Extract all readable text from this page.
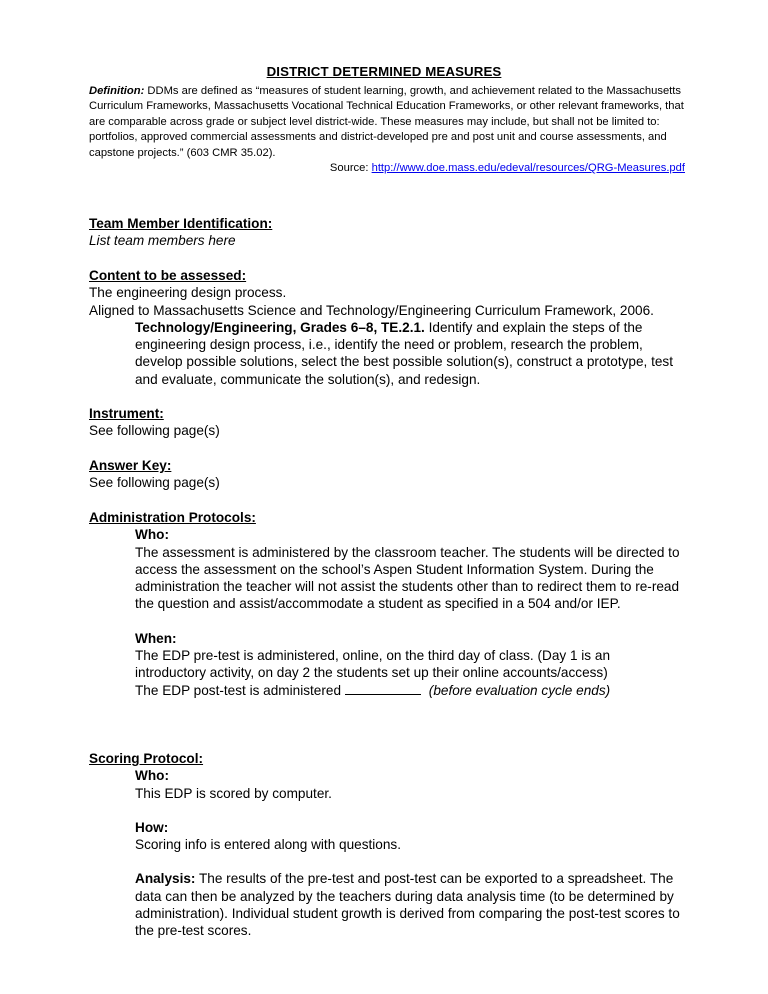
DISTRICT DETERMINED MEASURES
Definition: DDMs are defined as “measures of student learning, growth, and achievement related to the Massachusetts Curriculum Frameworks, Massachusetts Vocational Technical Education Frameworks, or other relevant frameworks, that are comparable across grade or subject level district-wide. These measures may include, but shall not be limited to: portfolios, approved commercial assessments and district-developed pre and post unit and course assessments, and capstone projects.” (603 CMR 35.02).
Source: http://www.doe.mass.edu/edeval/resources/QRG-Measures.pdf

Team Member Identification:

List team members here

Content to be assessed:

The engineering design process.

Aligned to Massachusetts Science and Technology/Engineering Curriculum Framework, 2006.

Technology/Engineering, Grades 6–8, TE.2.1. Identify and explain the steps of the engineering design process, i.e., identify the need or problem, research the problem, develop possible solutions, select the best possible solution(s), construct a prototype, test and evaluate, communicate the solution(s), and redesign.

Instrument:

See following page(s)

Answer Key:

See following page(s)

Administration Protocols:

Who:

The assessment is administered by the classroom teacher. The students will be directed to access the assessment on the school’s Aspen Student Information System. During the administration the teacher will not assist the students other than to redirect them to re-read the question and assist/accommodate a student as specified in a 504 and/or IEP.

When:

The EDP pre-test is administered, online, on the third day of class. (Day 1 is an introductory activity, on day 2 the students set up their online accounts/access)

The EDP post-test is administered	(before evaluation cycle ends)

Scoring Protocol:

Who:

This EDP is scored by computer.

How:

Scoring info is entered along with questions.

Analysis: The results of the pre-test and post-test can be exported to a spreadsheet. The data can then be analyzed by the teachers during data analysis time (to be determined by administration). Individual student growth is derived from comparing the post-test scores to the pre-test scores.
